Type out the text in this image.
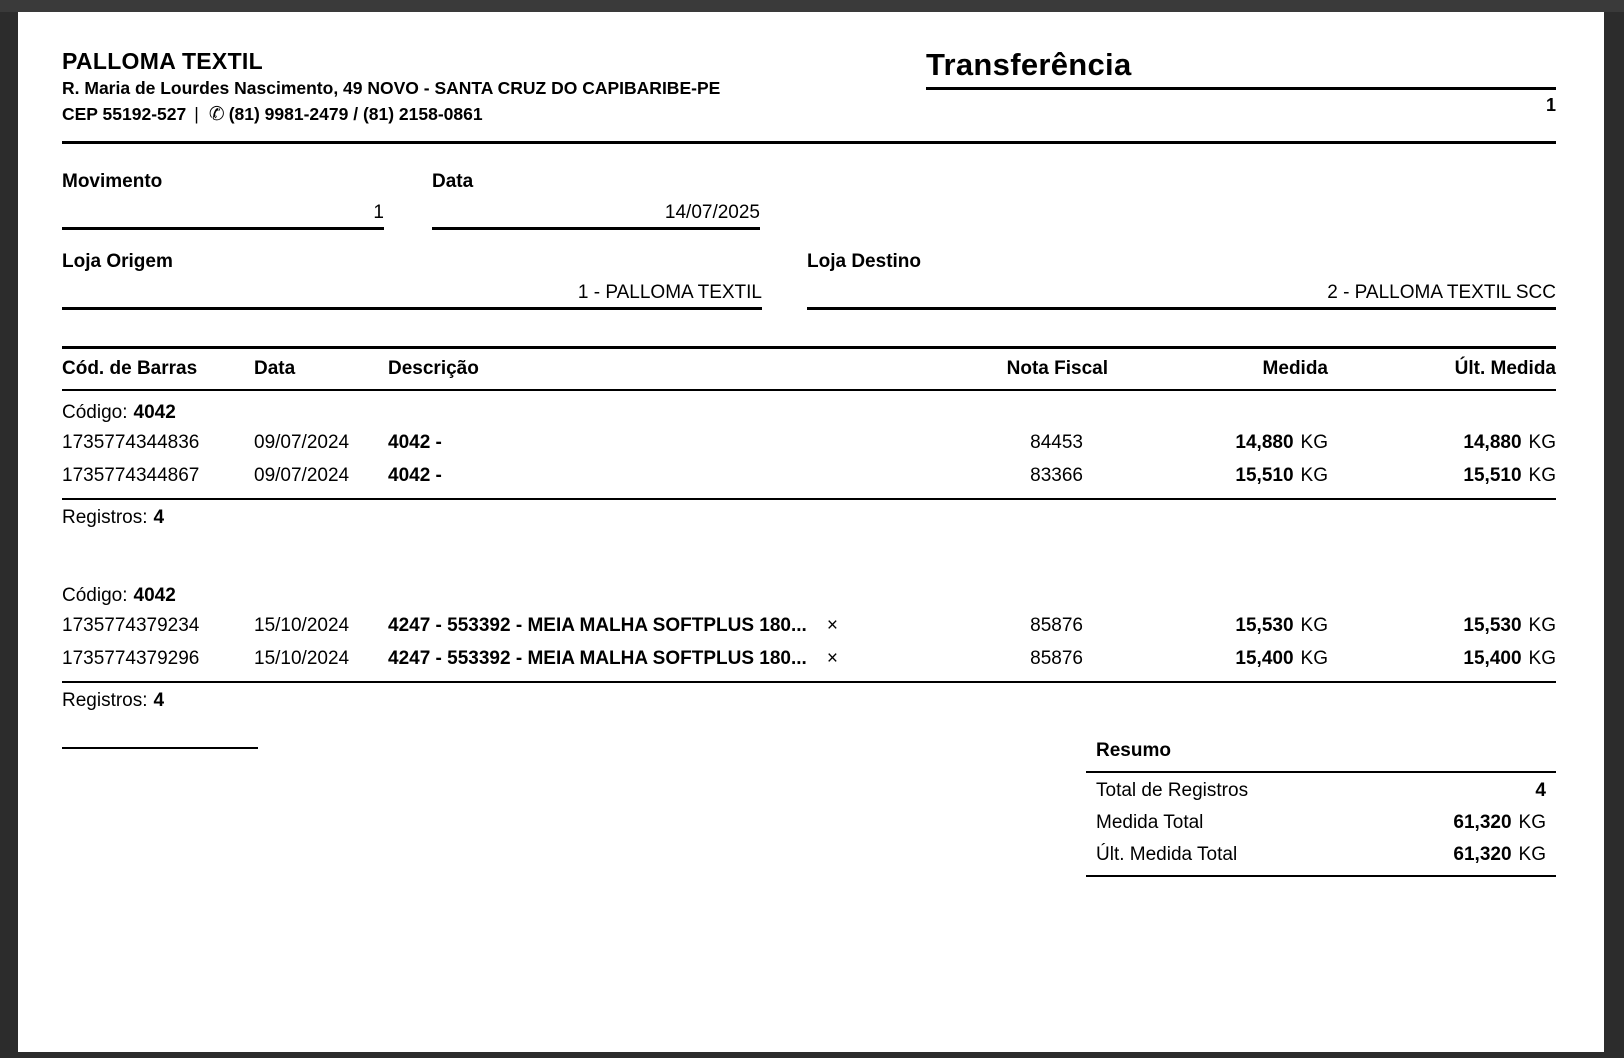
PALLOMA TEXTIL
R. Maria de Lourdes Nascimento, 49 NOVO - SANTA CRUZ DO CAPIBARIBE-PE
CEP 55192-527 | ✆ (81) 9981-2479 / (81) 2158-0861
Transferência
1
Movimento
1
Data
14/07/2025
Loja Origem
1 - PALLOMA TEXTIL
Loja Destino
2 - PALLOMA TEXTIL SCC
Cód. de Barras	Data	Descrição	Nota Fiscal	Medida	Últ. Medida
Código: 4042
1735774344836	09/07/2024	4042 -	84453	14,880 KG	14,880 KG
1735774344867	09/07/2024	4042 -	83366	15,510 KG	15,510 KG
Registros: 4
Código: 4042
1735774379234	15/10/2024	4247 - 553392 - MEIA MALHA SOFTPLUS 180... ×	85876	15,530 KG	15,530 KG
1735774379296	15/10/2024	4247 - 553392 - MEIA MALHA SOFTPLUS 180... ×	85876	15,400 KG	15,400 KG
Registros: 4
Resumo
Total de Registros	4
Medida Total	61,320 KG
Últ. Medida Total	61,320 KG
